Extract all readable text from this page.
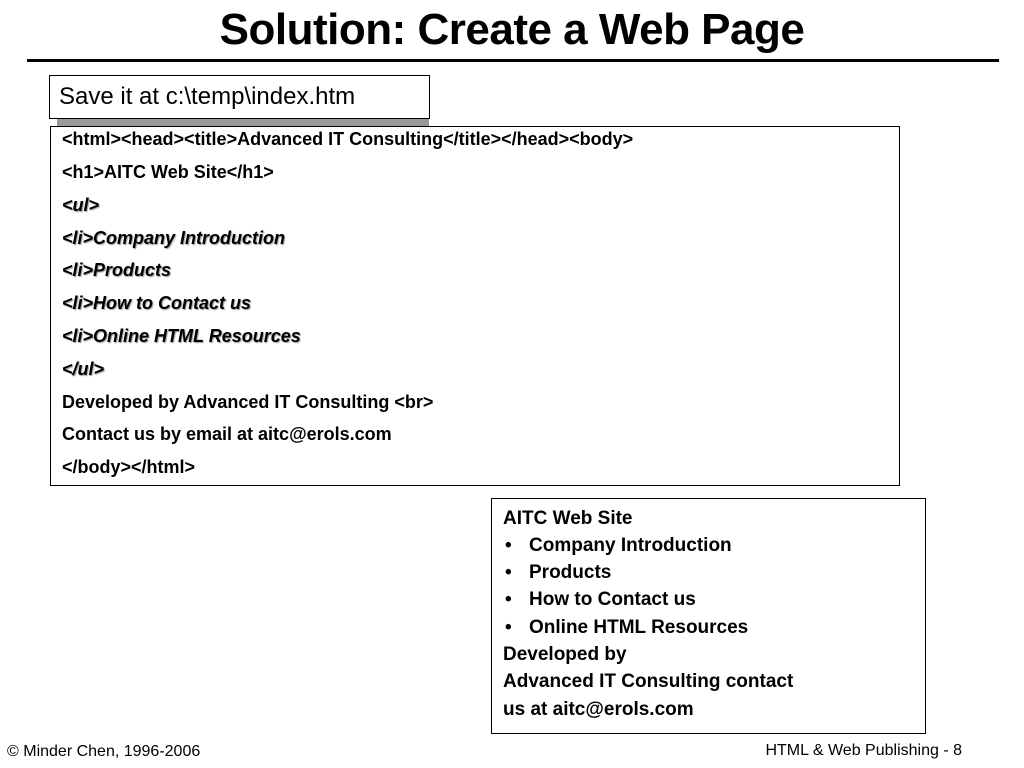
Solution: Create a Web Page
Save it at c:\temp\index.htm
<html><head><title>Advanced IT Consulting</title></head><body>
<h1>AITC Web Site</h1>
<ul>
<li>Company Introduction
<li>Products
<li>How to Contact us
<li>Online HTML Resources
</ul>
Developed by Advanced IT Consulting <br>
Contact us by email at aitc@erols.com
</body></html>
AITC Web Site
• Company Introduction
• Products
• How to Contact us
• Online HTML Resources
Developed by
Advanced IT Consulting contact
us at aitc@erols.com
© Minder Chen, 1996-2006	HTML & Web Publishing - 8
